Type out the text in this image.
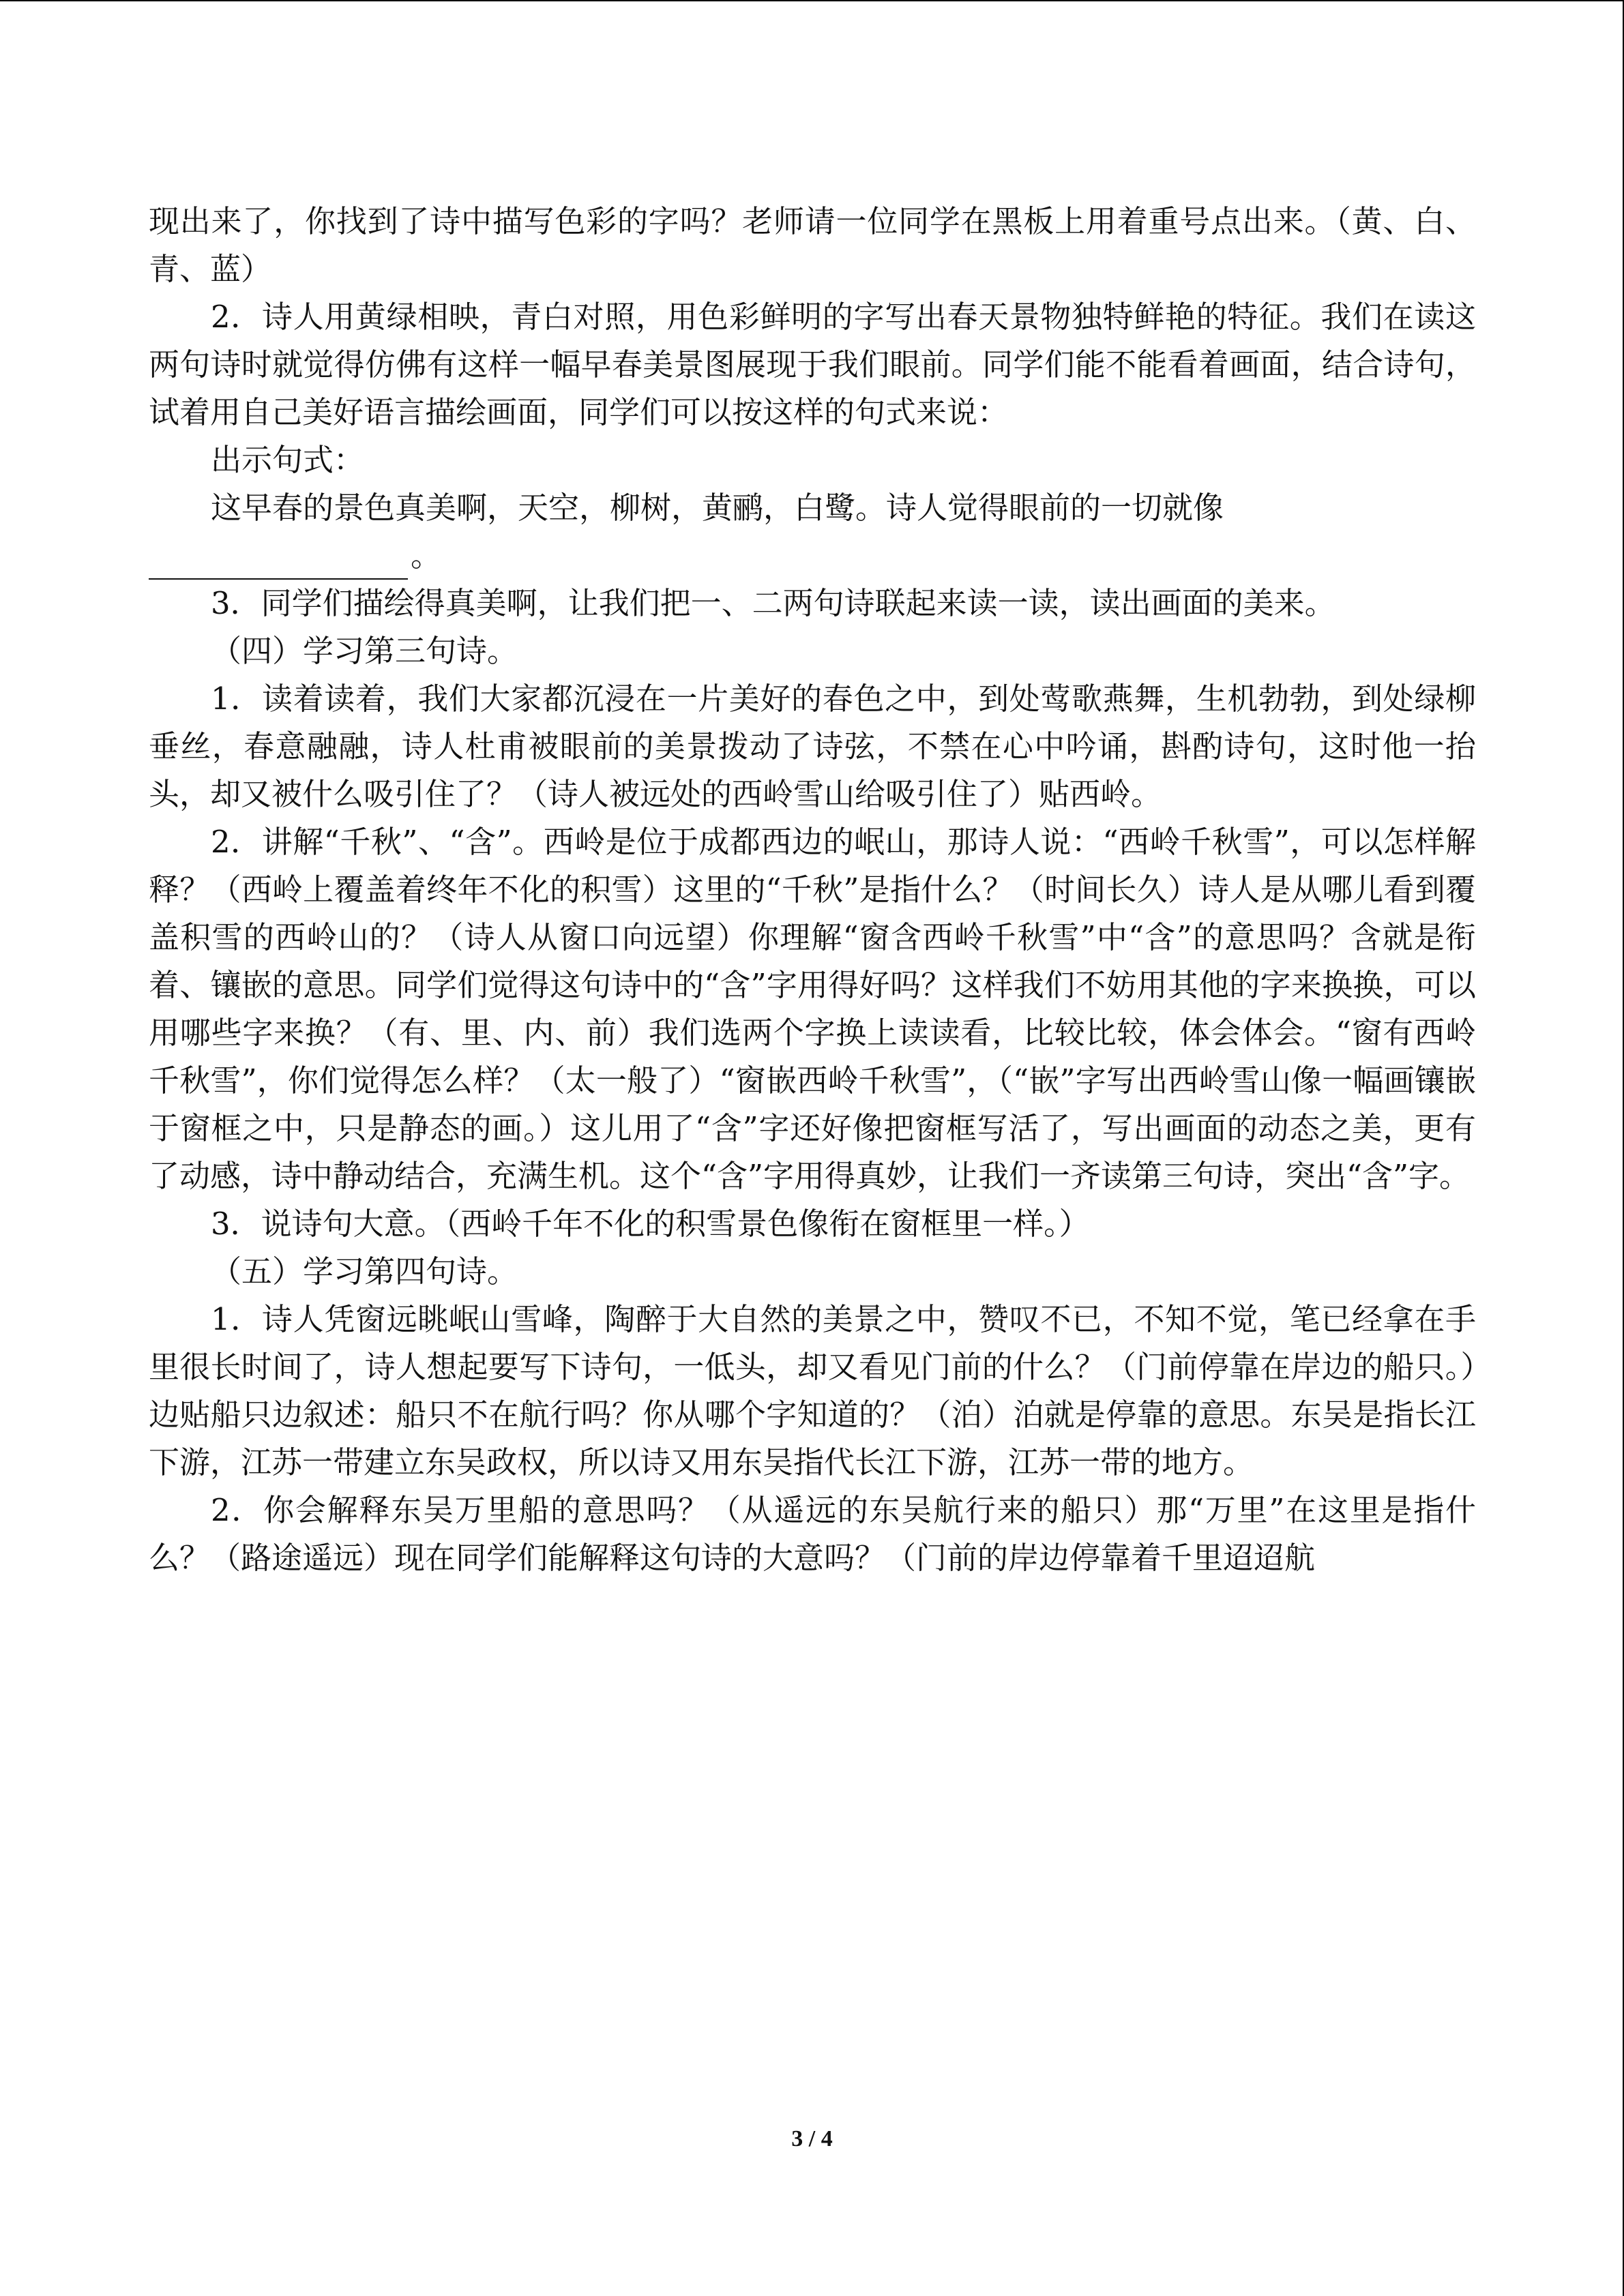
现出来了，你找到了诗中描写色彩的字吗？老师请一位同学在黑板上用着重号点出来。（黄、白、青、蓝）

2．诗人用黄绿相映，青白对照，用色彩鲜明的字写出春天景物独特鲜艳的特征。我们在读这两句诗时就觉得仿佛有这样一幅早春美景图展现于我们眼前。同学们能不能看着画面，结合诗句，试着用自己美好语言描绘画面，同学们可以按这样的句式来说：

出示句式：

这早春的景色真美啊，天空，柳树，黄鹂，白鹭。诗人觉得眼前的一切就像

。

3．同学们描绘得真美啊，让我们把一、二两句诗联起来读一读，读出画面的美来。

（四）学习第三句诗。

1．读着读着，我们大家都沉浸在一片美好的春色之中，到处莺歌燕舞，生机勃勃，到处绿柳垂丝，春意融融，诗人杜甫被眼前的美景拨动了诗弦，不禁在心中吟诵，斟酌诗句，这时他一抬头，却又被什么吸引住了？（诗人被远处的西岭雪山给吸引住了）贴西岭。

2．讲解“千秋”、“含”。西岭是位于成都西边的岷山，那诗人说：“西岭千秋雪”，可以怎样解释？（西岭上覆盖着终年不化的积雪）这里的“千秋”是指什么？（时间长久）诗人是从哪儿看到覆盖积雪的西岭山的？（诗人从窗口向远望）你理解“窗含西岭千秋雪”中“含”的意思吗？含就是衔着、镶嵌的意思。同学们觉得这句诗中的“含”字用得好吗？这样我们不妨用其他的字来换换，可以用哪些字来换？（有、里、内、前）我们选两个字换上读读看，比较比较，体会体会。“窗有西岭千秋雪”，你们觉得怎么样？（太一般了）“窗嵌西岭千秋雪”，（“嵌”字写出西岭雪山像一幅画镶嵌于窗框之中，只是静态的画。）这儿用了“含”字还好像把窗框写活了，写出画面的动态之美，更有了动感，诗中静动结合，充满生机。这个“含”字用得真妙，让我们一齐读第三句诗，突出“含”字。

3．说诗句大意。（西岭千年不化的积雪景色像衔在窗框里一样。）

（五）学习第四句诗。

1．诗人凭窗远眺岷山雪峰，陶醉于大自然的美景之中，赞叹不已，不知不觉，笔已经拿在手里很长时间了，诗人想起要写下诗句，一低头，却又看见门前的什么？（门前停靠在岸边的船只。）边贴船只边叙述：船只不在航行吗？你从哪个字知道的？（泊）泊就是停靠的意思。东吴是指长江下游，江苏一带建立东吴政权，所以诗又用东吴指代长江下游，江苏一带的地方。

2．你会解释东吴万里船的意思吗？（从遥远的东吴航行来的船只）那“万里”在这里是指什么？（路途遥远）现在同学们能解释这句诗的大意吗？（门前的岸边停靠着千里迢迢航

3 / 4
